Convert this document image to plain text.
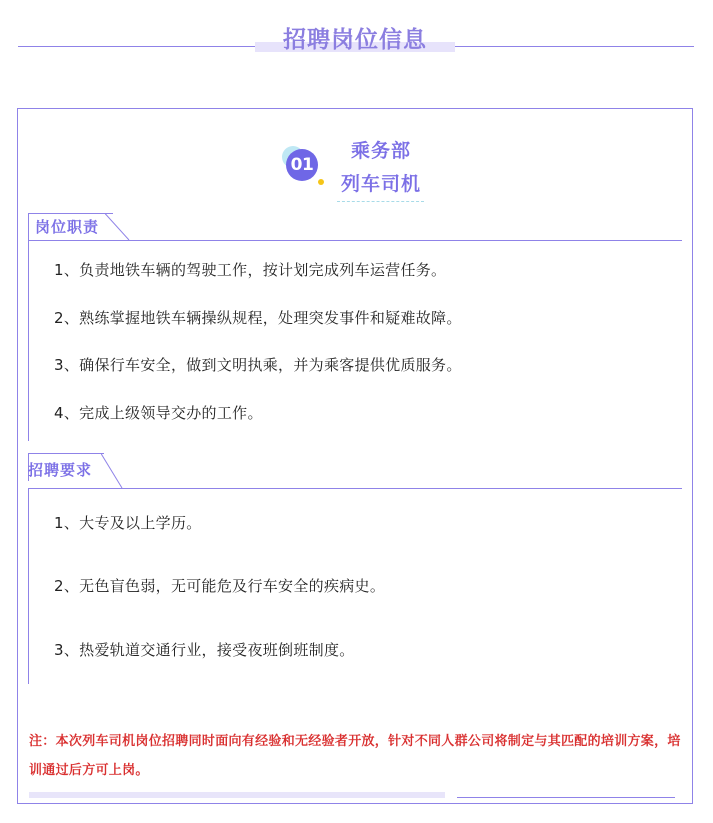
招聘岗位信息
01
乘务部
列车司机
岗位职责
1、负责地铁车辆的驾驶工作，按计划完成列车运营任务。
2、熟练掌握地铁车辆操纵规程，处理突发事件和疑难故障。
3、确保行车安全，做到文明执乘，并为乘客提供优质服务。
4、完成上级领导交办的工作。
招聘要求
1、大专及以上学历。
2、无色盲色弱，无可能危及行车安全的疾病史。
3、热爱轨道交通行业，接受夜班倒班制度。
注：本次列车司机岗位招聘同时面向有经验和无经验者开放，针对不同人群公司将制定与其匹配的培训方案，培训通过后方可上岗。
